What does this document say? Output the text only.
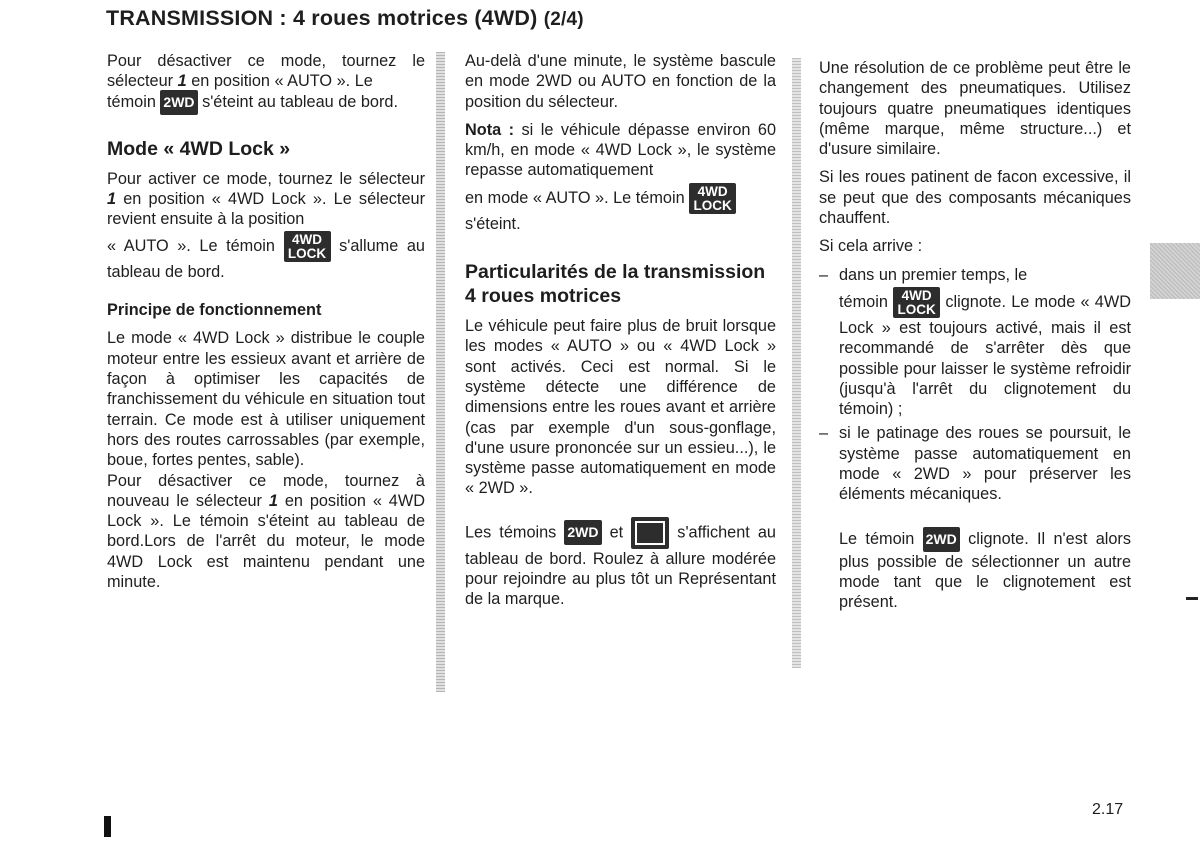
TRANSMISSION : 4 roues motrices (4WD) (2/4)

Pour désactiver ce mode, tournez le sélecteur 1 en position « AUTO ». Le

témoin 2WD s'éteint au tableau de bord.

Mode « 4WD Lock »

Pour activer ce mode, tournez le sélecteur 1 en position « 4WD Lock ». Le sélecteur revient ensuite à la position

« AUTO ». Le témoin 4WD
LOCK s'allume au tableau de bord.

Principe de fonctionnement

Le mode « 4WD Lock » distribue le couple moteur entre les essieux avant et arrière de façon à optimiser les capacités de franchissement du véhicule en situation tout terrain. Ce mode est à utiliser uniquement hors des routes carrossables (par exemple, boue, fortes pentes, sable).

Pour désactiver ce mode, tournez à nouveau le sélecteur 1 en position « 4WD Lock ». Le témoin s'éteint au tableau de bord.Lors de l'arrêt du moteur, le mode 4WD Lock est maintenu pendant une minute.

Au-delà d'une minute, le système bascule en mode 2WD ou AUTO en fonction de la position du sélecteur.

Nota : si le véhicule dépasse environ 60 km/h, en mode « 4WD Lock », le système repasse automatiquement

en mode « AUTO ». Le témoin 4WD
LOCK
s'éteint.

Particularités de la transmission 4 roues motrices

Le véhicule peut faire plus de bruit lorsque les modes « AUTO » ou « 4WD Lock » sont activés. Ceci est normal. Si le système détecte une différence de dimensions entre les roues avant et arrière (cas par exemple d'un sous-gonflage, d'une usure prononcée sur un essieu...), le système passe automatiquement en mode « 2WD ».

Les témoins 2WD et	s'affichent au tableau de bord. Roulez à allure modérée pour rejoindre au plus tôt un Représentant de la marque.

Une résolution de ce problème peut être le changement des pneumatiques. Utilisez toujours quatre pneumatiques identiques (même marque, même structure...) et d'usure similaire.

Si les roues patinent de facon excessive, il se peut que des composants mécaniques chauffent.

Si cela arrive :

– dans un premier temps, le

témoin 4WD
LOCK clignote. Le mode « 4WD Lock » est toujours activé, mais il est recommandé de s'arrêter dès que possible pour laisser le système refroidir (jusqu'à l'arrêt du clignotement du témoin) ;

– si le patinage des roues se poursuit, le système passe automatiquement en mode « 2WD » pour préserver les éléments mécaniques.

Le témoin 2WD clignote. Il n'est alors plus possible de sélectionner un autre mode tant que le clignotement est présent.

2.17
